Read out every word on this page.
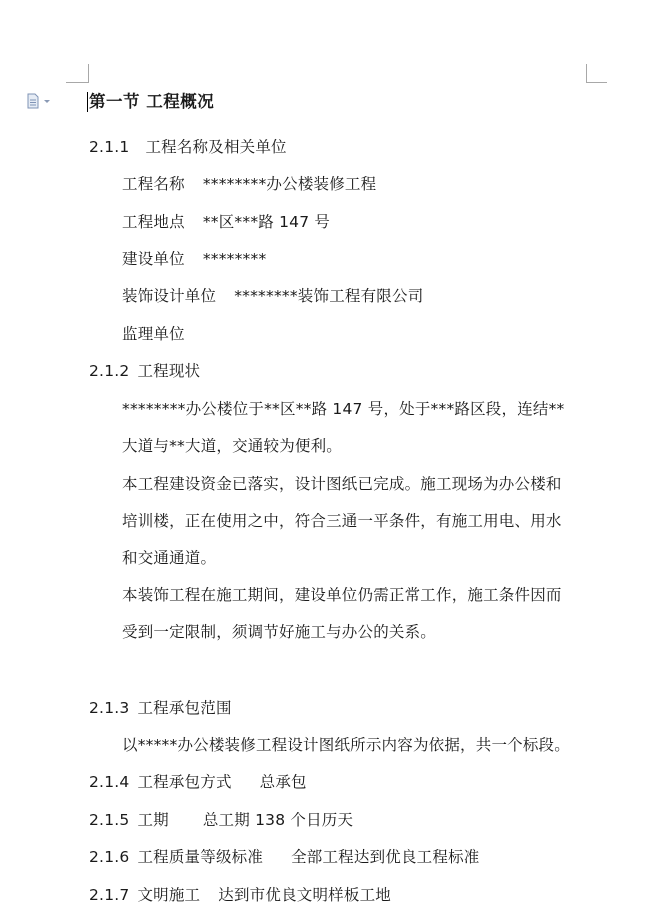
第一节 工程概况
2.1.1 工程名称及相关单位
工程名称 ********办公楼装修工程
工程地点 **区***路 147 号
建设单位 ********
装饰设计单位 ********装饰工程有限公司
监理单位
2.1.2 工程现状
********办公楼位于**区**路 147 号，处于***路区段，连结**
大道与**大道，交通较为便利。
本工程建设资金已落实，设计图纸已完成。施工现场为办公楼和
培训楼，正在使用之中，符合三通一平条件，有施工用电、用水
和交通通道。
本装饰工程在施工期间，建设单位仍需正常工作，施工条件因而
受到一定限制，须调节好施工与办公的关系。
2.1.3 工程承包范围
以*****办公楼装修工程设计图纸所示内容为依据，共一个标段。
2.1.4 工程承包方式 总承包
2.1.5 工期 总工期 138 个日历天
2.1.6 工程质量等级标准 全部工程达到优良工程标准
2.1.7 文明施工 达到市优良文明样板工地
